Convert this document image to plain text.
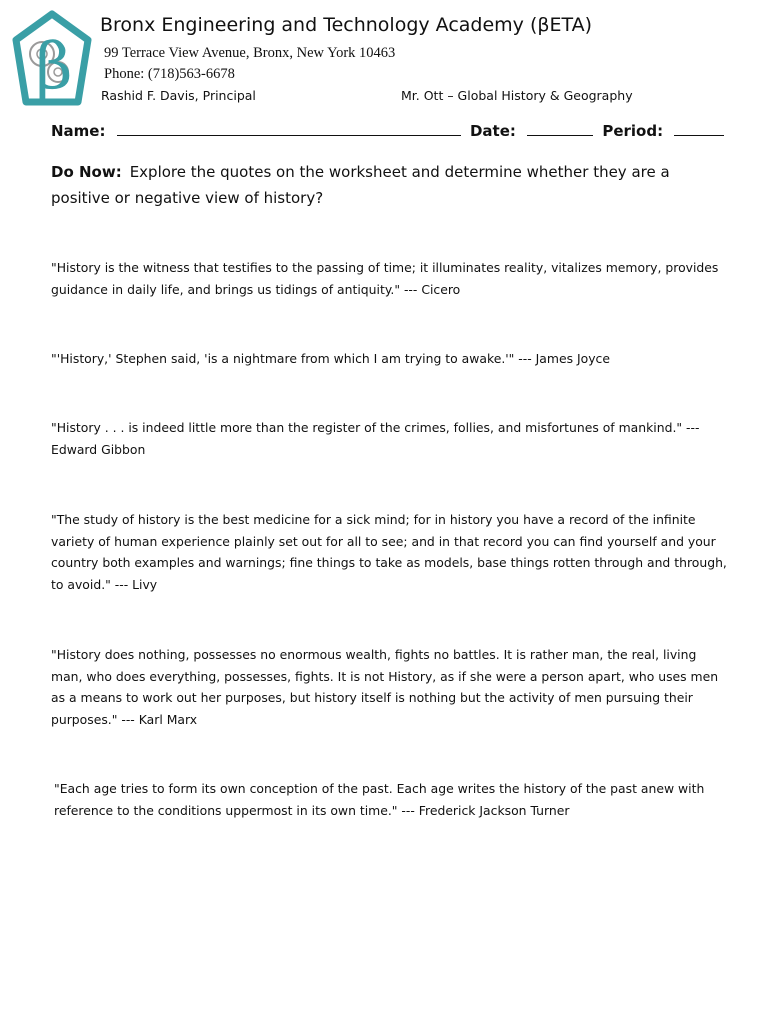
β
Bronx Engineering and Technology Academy (βETA)
99 Terrace View Avenue, Bronx, New York 10463
Phone: (718)563-6678
Rashid F. Davis, Principal	Mr. Ott – Global History & Geography
Name:	Date:	Period:
Do Now: Explore the quotes on the worksheet and determine whether they are a positive or negative view of history?
"History is the witness that testifies to the passing of time; it illuminates reality, vitalizes memory, provides guidance in daily life, and brings us tidings of antiquity." --- Cicero
"'History,' Stephen said, 'is a nightmare from which I am trying to awake.'" --- James Joyce
"History . . . is indeed little more than the register of the crimes, follies, and misfortunes of mankind." --- Edward Gibbon
"The study of history is the best medicine for a sick mind; for in history you have a record of the infinite variety of human experience plainly set out for all to see; and in that record you can find yourself and your country both examples and warnings; fine things to take as models, base things rotten through and through, to avoid." --- Livy
"History does nothing, possesses no enormous wealth, fights no battles. It is rather man, the real, living man, who does everything, possesses, fights. It is not History, as if she were a person apart, who uses men as a means to work out her purposes, but history itself is nothing but the activity of men pursuing their purposes." --- Karl Marx
"Each age tries to form its own conception of the past. Each age writes the history of the past anew with reference to the conditions uppermost in its own time." --- Frederick Jackson Turner
